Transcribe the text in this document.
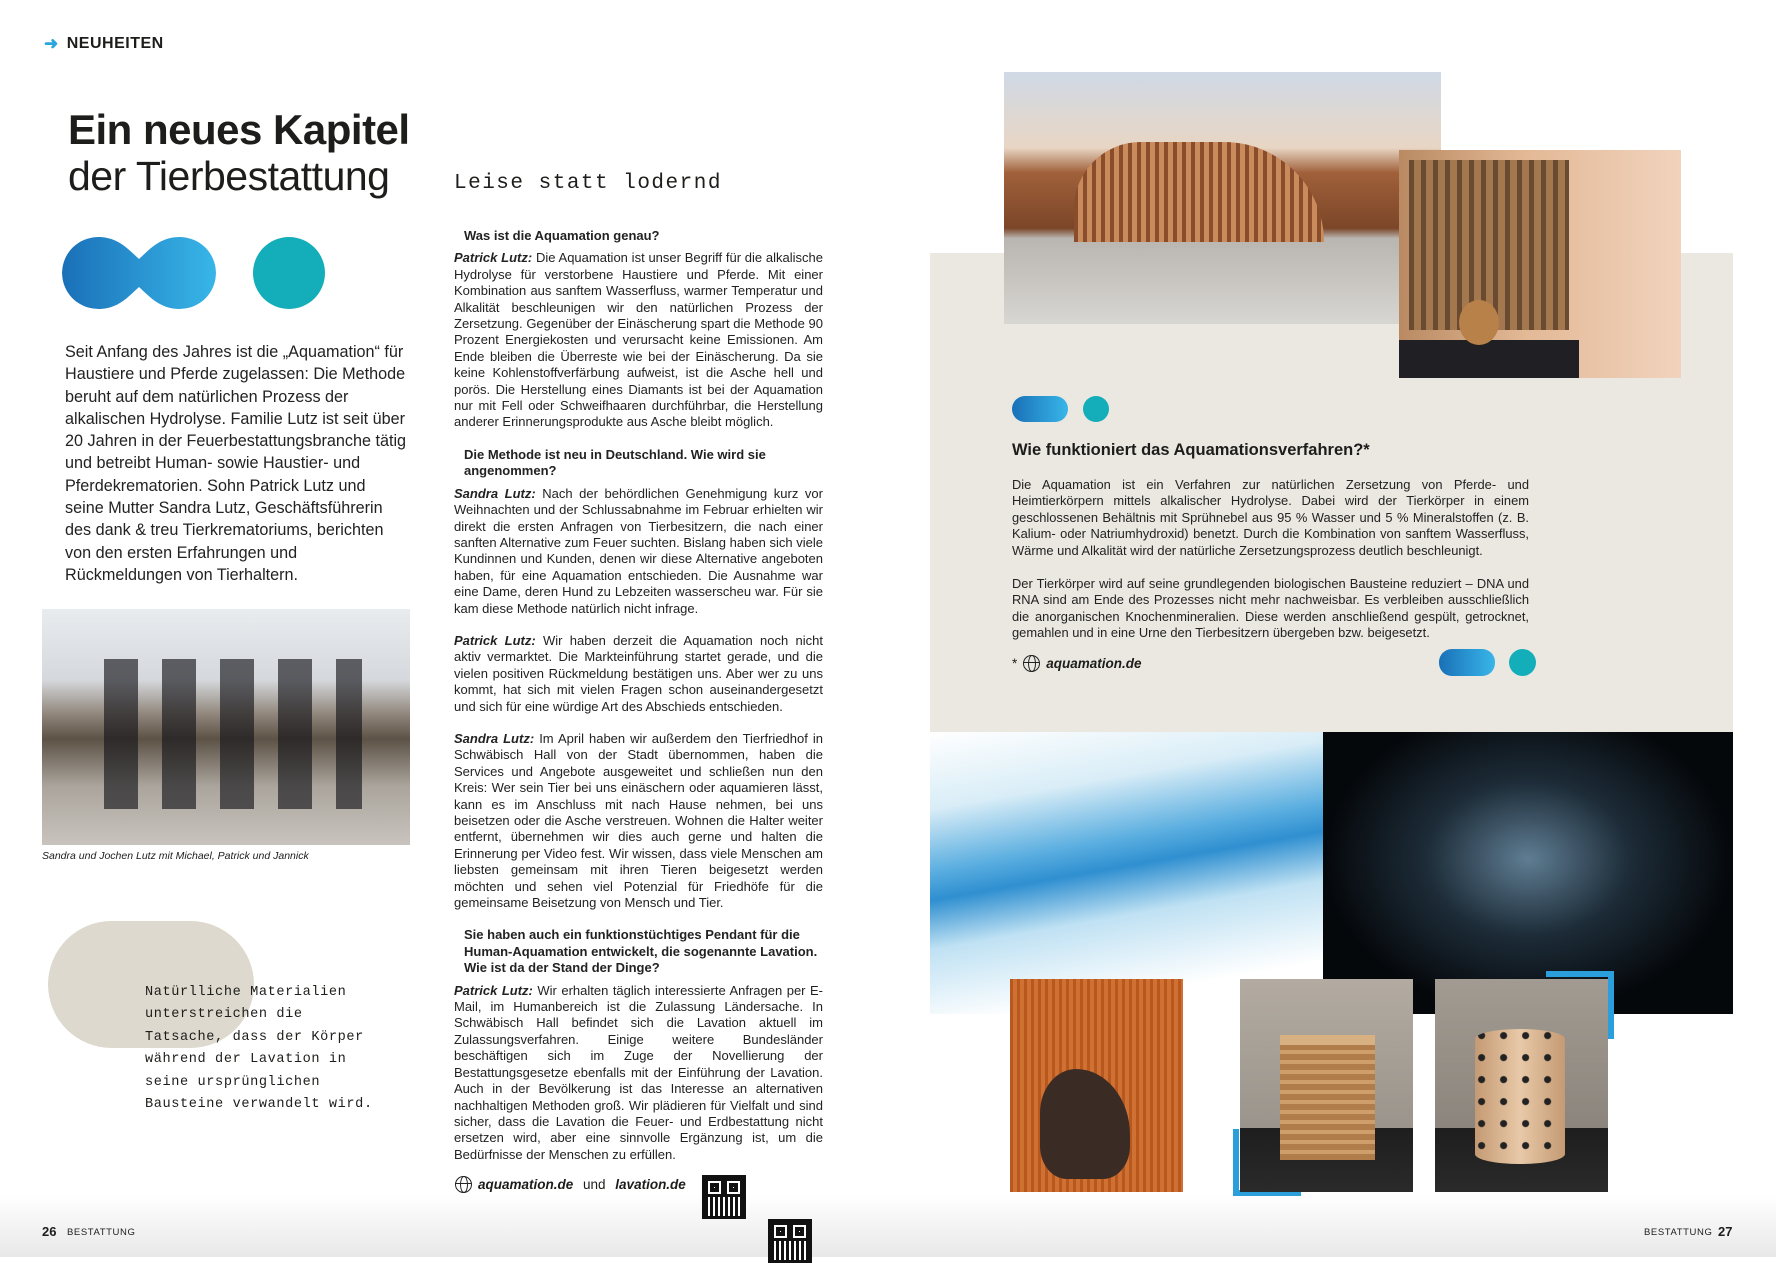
➜ NEUHEITEN
Ein neues Kapitel
der Tierbestattung
Seit Anfang des Jahres ist die „Aquamation“ für Haustiere und Pferde zugelassen: Die Methode beruht auf dem natürlichen Prozess der alkalischen Hydrolyse. Familie Lutz ist seit über 20 Jahren in der Feuerbestattungsbranche tätig und betreibt Human- sowie Haustier- und Pferdekrematorien. Sohn Patrick Lutz und seine Mutter Sandra Lutz, Geschäftsführerin des dank & treu Tierkrematoriums, berichten von den ersten Erfahrungen und Rückmeldungen von Tierhaltern.
Sandra und Jochen Lutz mit Michael, Patrick und Jannick
Natürlliche Materialien unterstreichen die Tatsache, dass der Körper während der Lavation in seine ursprünglichen Bausteine verwandelt wird.
26 BESTATTUNG
Leise statt lodernd
Was ist die Aquamation genau?
Patrick Lutz: Die Aquamation ist unser Begriff für die alkalische Hydrolyse für verstorbene Haustiere und Pferde. Mit einer Kombination aus sanftem Wasserfluss, warmer Temperatur und Alkalität beschleunigen wir den natürlichen Prozess der Zersetzung. Gegenüber der Einäscherung spart die Methode 90 Prozent Energiekosten und verursacht keine Emissionen. Am Ende bleiben die Überreste wie bei der Einäscherung. Da sie keine Kohlenstoffverfärbung aufweist, ist die Asche hell und porös. Die Herstellung eines Diamants ist bei der Aquamation nur mit Fell oder Schweifhaaren durchführbar, die Herstellung anderer Erinnerungsprodukte aus Asche bleibt möglich.
Die Methode ist neu in Deutschland. Wie wird sie angenommen?
Sandra Lutz: Nach der behördlichen Genehmigung kurz vor Weihnachten und der Schlussabnahme im Februar erhielten wir direkt die ersten Anfragen von Tierbesitzern, die nach einer sanften Alternative zum Feuer suchten. Bislang haben sich viele Kundinnen und Kunden, denen wir diese Alternative angeboten haben, für eine Aquamation entschieden. Die Ausnahme war eine Dame, deren Hund zu Lebzeiten wasserscheu war. Für sie kam diese Methode natürlich nicht infrage.
Patrick Lutz: Wir haben derzeit die Aquamation noch nicht aktiv vermarktet. Die Markteinführung startet gerade, und die vielen positiven Rückmeldung bestätigen uns. Aber wer zu uns kommt, hat sich mit vielen Fragen schon auseinandergesetzt und sich für eine würdige Art des Abschieds entschieden.
Sandra Lutz: Im April haben wir außerdem den Tierfriedhof in Schwäbisch Hall von der Stadt übernommen, haben die Services und Angebote ausgeweitet und schließen nun den Kreis: Wer sein Tier bei uns einäschern oder aquamieren lässt, kann es im Anschluss mit nach Hause nehmen, bei uns beisetzen oder die Asche verstreuen. Wohnen die Halter weiter entfernt, übernehmen wir dies auch gerne und halten die Erinnerung per Video fest. Wir wissen, dass viele Menschen am liebsten gemeinsam mit ihren Tieren beigesetzt werden möchten und sehen viel Potenzial für Friedhöfe für die gemeinsame Beisetzung von Mensch und Tier.
Sie haben auch ein funktionstüchtiges Pendant für die Human-Aquamation entwickelt, die sogenannte Lavation. Wie ist da der Stand der Dinge?
Patrick Lutz: Wir erhalten täglich interessierte Anfragen per E-Mail, im Humanbereich ist die Zulassung Ländersache. In Schwäbisch Hall befindet sich die Lavation aktuell im Zulassungsverfahren. Einige weitere Bundesländer beschäftigen sich im Zuge der Novellierung der Bestattungsgesetze ebenfalls mit der Einführung der Lavation. Auch in der Bevölkerung ist das Interesse an alternativen nachhaltigen Methoden groß. Wir plädieren für Vielfalt und sind sicher, dass die Lavation die Feuer- und Erdbestattung nicht ersetzen wird, aber eine sinnvolle Ergänzung ist, um die Bedürfnisse der Menschen zu erfüllen.
aquamation.de und lavation.de
Wie funktioniert das Aquamationsverfahren?*
Die Aquamation ist ein Verfahren zur natürlichen Zersetzung von Pferde- und Heimtierkörpern mittels alkalischer Hydrolyse. Dabei wird der Tierkörper in einem geschlossenen Behältnis mit Sprühnebel aus 95 % Wasser und 5 % Mineralstoffen (z. B. Kalium- oder Natriumhydroxid) benetzt. Durch die Kombination von sanftem Wasserfluss, Wärme und Alkalität wird der natürliche Zersetzungsprozess deutlich beschleunigt.
Der Tierkörper wird auf seine grundlegenden biologischen Bausteine reduziert – DNA und RNA sind am Ende des Prozesses nicht mehr nachweisbar. Es verbleiben ausschließlich die anorganischen Knochenmineralien. Diese werden anschließend gespült, getrocknet, gemahlen und in eine Urne den Tierbesitzern übergeben bzw. beigesetzt.
* aquamation.de
BESTATTUNG 27
